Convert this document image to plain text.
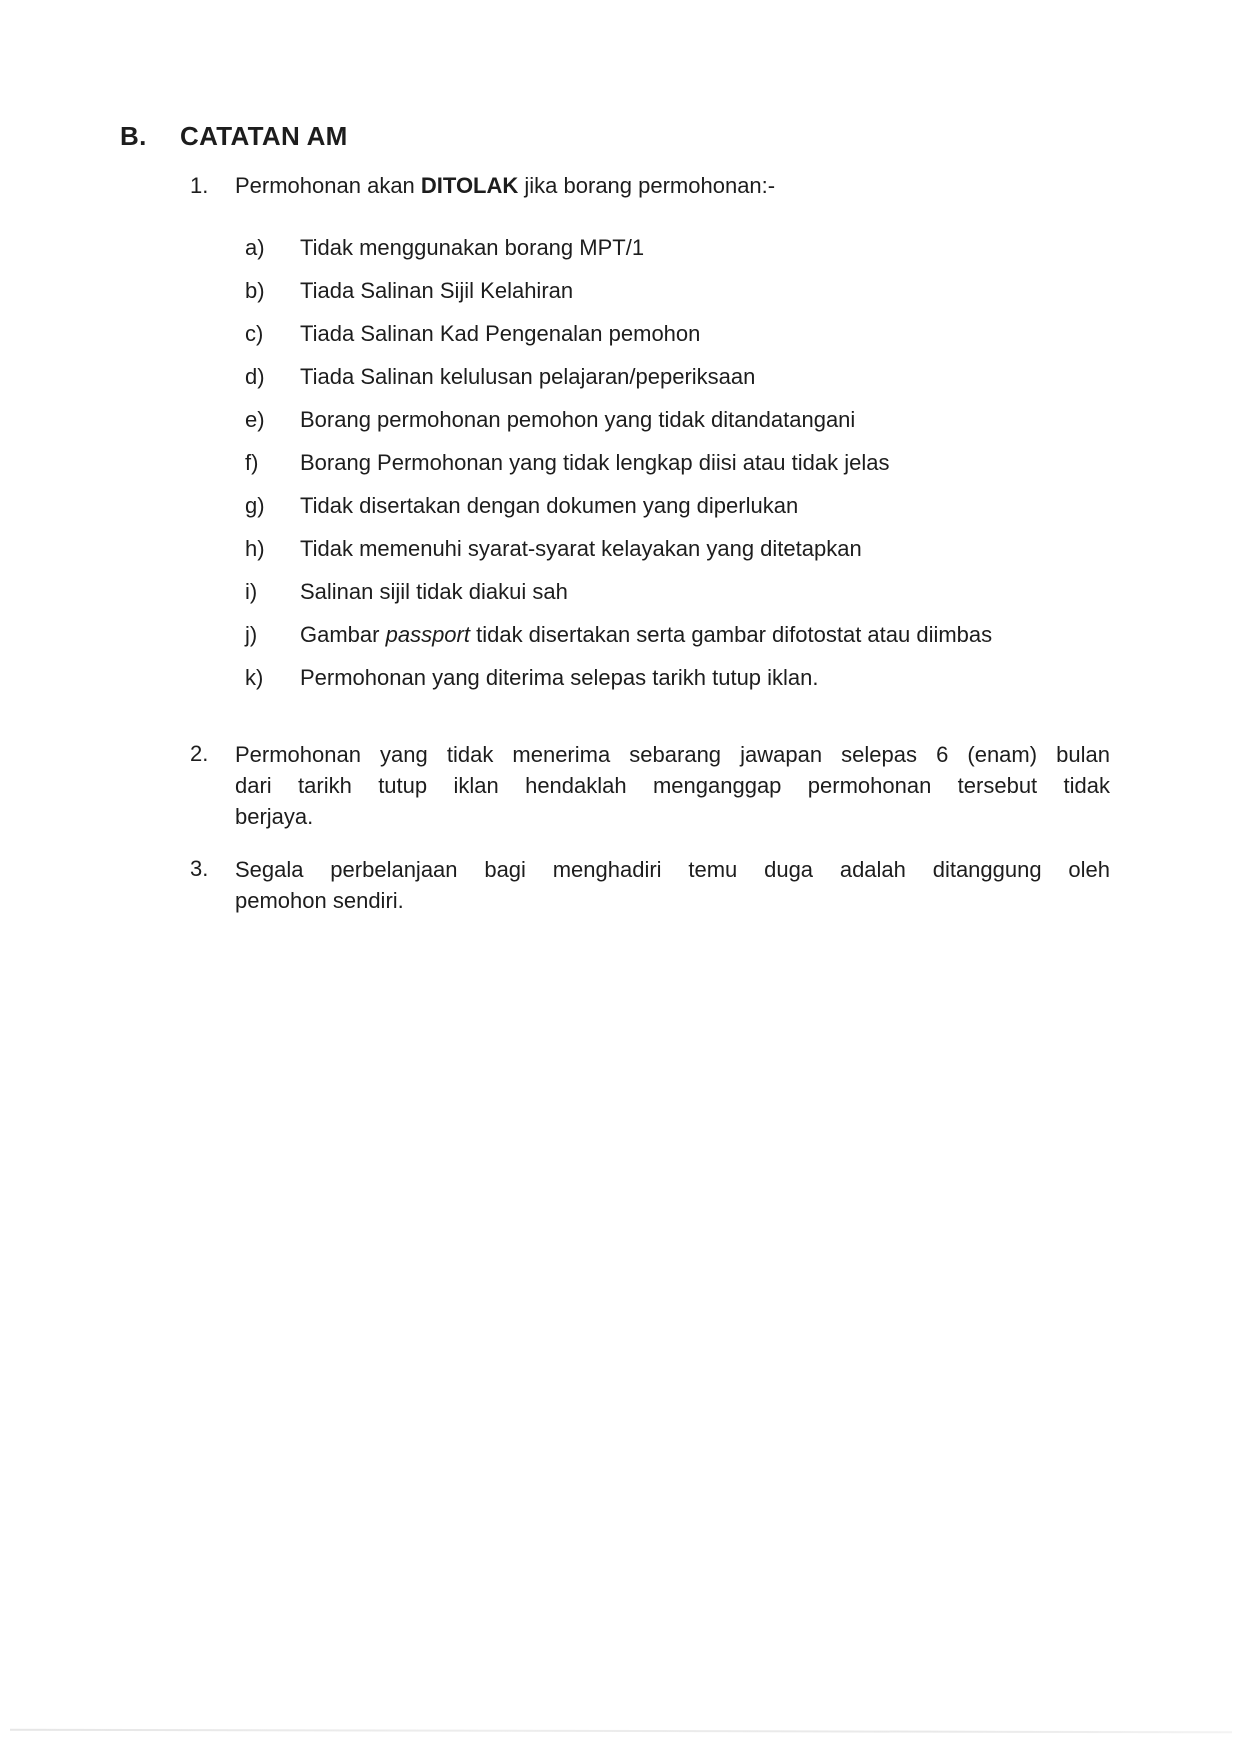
B.	CATATAN AM
1.	Permohonan akan DITOLAK jika borang permohonan:-
a)	Tidak menggunakan borang MPT/1
b)	Tiada Salinan Sijil Kelahiran
c)	Tiada Salinan Kad Pengenalan pemohon
d)	Tiada Salinan kelulusan pelajaran/peperiksaan
e)	Borang permohonan pemohon yang tidak ditandatangani
f)	Borang Permohonan yang tidak lengkap diisi atau tidak jelas
g)	Tidak disertakan dengan dokumen yang diperlukan
h)	Tidak memenuhi syarat-syarat kelayakan yang ditetapkan
i)	Salinan sijil tidak diakui sah
j)	Gambar passport tidak disertakan serta gambar difotostat atau diimbas
k)	Permohonan yang diterima selepas tarikh tutup iklan.
2.	Permohonan yang tidak menerima sebarang jawapan selepas 6 (enam) bulan
dari tarikh tutup iklan hendaklah menganggap permohonan tersebut tidak
berjaya.
3.	Segala perbelanjaan bagi menghadiri temu duga adalah ditanggung oleh
pemohon sendiri.
